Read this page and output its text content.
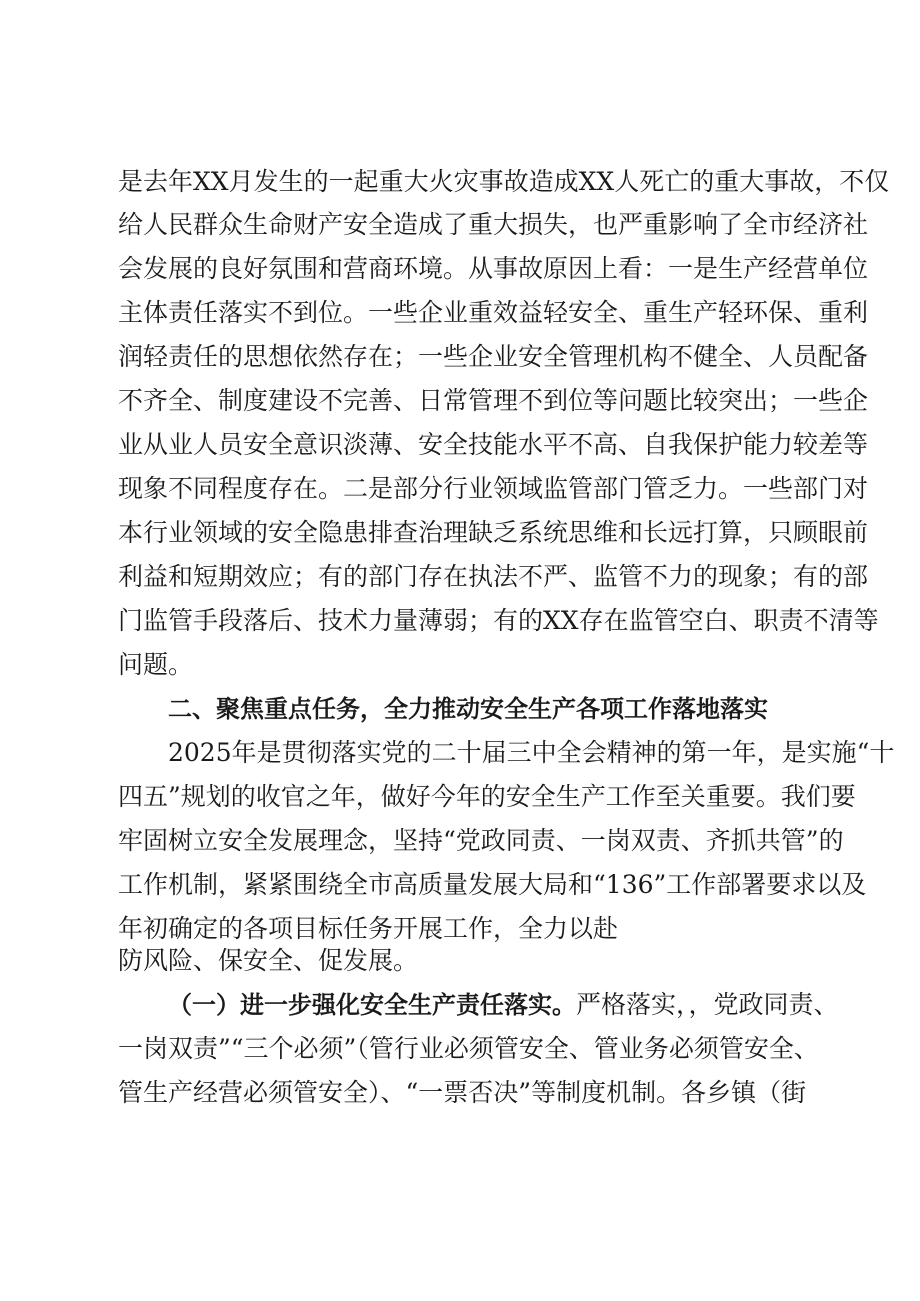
是去年XX月发生的一起重大火灾事故造成XX人死亡的重大事故，不仅

给人民群众生命财产安全造成了重大损失，也严重影响了全市经济社

会发展的良好氛围和营商环境。从事故原因上看：一是生产经营单位

主体责任落实不到位。一些企业重效益轻安全、重生产轻环保、重利

润轻责任的思想依然存在；一些企业安全管理机构不健全、人员配备

不齐全、制度建设不完善、日常管理不到位等问题比较突出；一些企

业从业人员安全意识淡薄、安全技能水平不高、自我保护能力较差等

现象不同程度存在。二是部分行业领域监管部门管乏力。一些部门对

本行业领域的安全隐患排查治理缺乏系统思维和长远打算，只顾眼前

利益和短期效应；有的部门存在执法不严、监管不力的现象；有的部

门监管手段落后、技术力量薄弱；有的XX存在监管空白、职责不清等

问题。

二、聚焦重点任务，全力推动安全生产各项工作落地落实

2025年是贯彻落实党的二十届三中全会精神的第一年，是实施“十

四五”规划的收官之年，做好今年的安全生产工作至关重要。我们要

牢固树立安全发展理念，坚持“党政同责、一岗双责、齐抓共管”的

工作机制，紧紧围绕全市高质量发展大局和“136”工作部署要求以及

年初确定的各项目标任务开展工作，全力以赴

防风险、保安全、促发展。

（一）进一步强化安全生产责任落实。严格落实，，党政同责、

一岗双责”“三个必须”（管行业必须管安全、管业务必须管安全、

管生产经营必须管安全）、“一票否决”等制度机制。各乡镇（街
